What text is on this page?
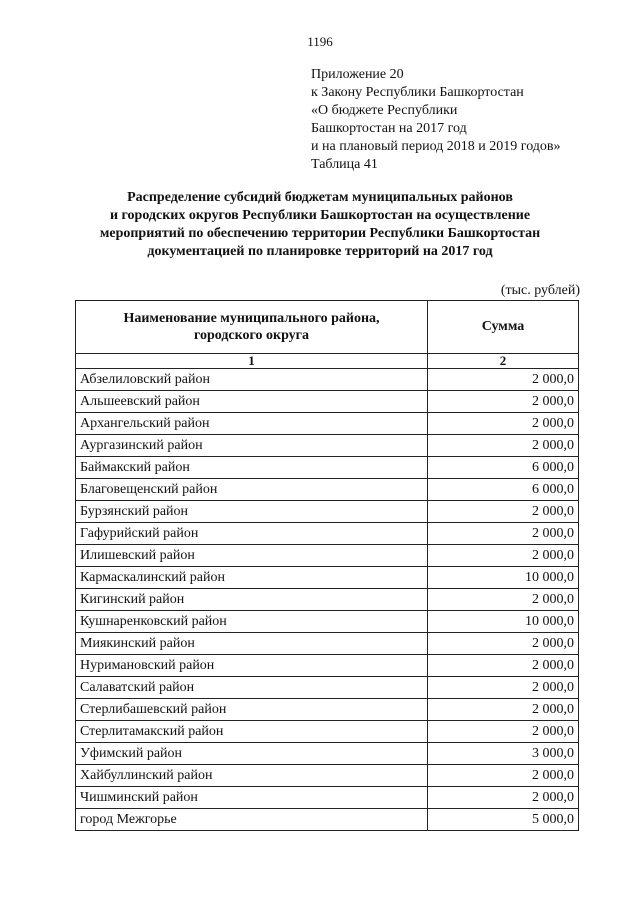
1196
Приложение 20
к Закону Республики Башкортостан
«О бюджете Республики
Башкортостан на 2017 год
и на плановый период 2018 и 2019 годов»
Таблица 41
Распределение субсидий бюджетам муниципальных районов
и городских округов Республики Башкортостан на осуществление
мероприятий по обеспечению территории Республики Башкортостан
документацией по планировке территорий на 2017 год
(тыс. рублей)
Наименование муниципального района,
городского округа	Сумма
1	2
Абзелиловский район	2 000,0
Альшеевский район	2 000,0
Архангельский район	2 000,0
Аургазинский район	2 000,0
Баймакский район	6 000,0
Благовещенский район	6 000,0
Бурзянский район	2 000,0
Гафурийский район	2 000,0
Илишевский район	2 000,0
Кармаскалинский район	10 000,0
Кигинский район	2 000,0
Кушнаренковский район	10 000,0
Миякинский район	2 000,0
Нуримановский район	2 000,0
Салаватский район	2 000,0
Стерлибашевский район	2 000,0
Стерлитамакский район	2 000,0
Уфимский район	3 000,0
Хайбуллинский район	2 000,0
Чишминский район	2 000,0
город Межгорье	5 000,0
